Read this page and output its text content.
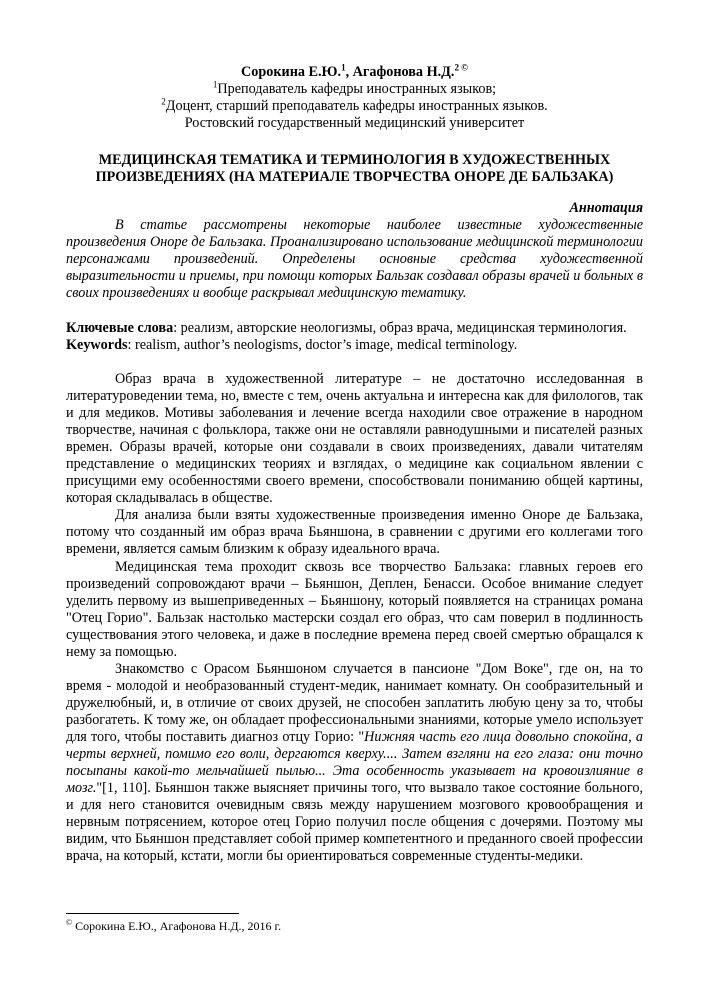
Сорокина Е.Ю.$^1$, Агафонова Н.Д.$^{2 ©}$
$^1$Преподаватель кафедры иностранных языков;
$^2$Доцент, старший преподаватель кафедры иностранных языков.
Ростовский государственный медицинский университет
МЕДИЦИНСКАЯ ТЕМАТИКА И ТЕРМИНОЛОГИЯ В ХУДОЖЕСТВЕННЫХ
ПРОИЗВЕДЕНИЯХ (НА МАТЕРИАЛЕ ТВОРЧЕСТВА ОНОРЕ ДЕ БАЛЬЗАКА)
Аннотация

В статье рассмотрены некоторые наиболее известные художественные произведения Оноре де Бальзака. Проанализировано использование медицинской терминологии персонажами произведений. Определены основные средства художественной выразительности и приемы, при помощи которых Бальзак создавал образы врачей и больных в своих произведениях и вообще раскрывал медицинскую тематику.

Ключевые слова: реализм, авторские неологизмы, образ врача, медицинская терминология.
Keywords: realism, author’s neologisms, doctor’s image, medical terminology.

Образ врача в художественной литературе – не достаточно исследованная в литературоведении тема, но, вместе с тем, очень актуальна и интересна как для филологов, так и для медиков. Мотивы заболевания и лечение всегда находили свое отражение в народном творчестве, начиная с фольклора, также они не оставляли равнодушными и писателей разных времен. Образы врачей, которые они создавали в своих произведениях, давали читателям представление о медицинских теориях и взглядах, о медицине как социальном явлении с присущими ему особенностями своего времени, способствовали пониманию общей картины, которая складывалась в обществе.

Для анализа были взяты художественные произведения именно Оноре де Бальзака, потому что созданный им образ врача Бьяншона, в сравнении с другими его коллегами того времени, является самым близким к образу идеального врача.

Медицинская тема проходит сквозь все творчество Бальзака: главных героев его произведений сопровождают врачи – Бьяншон, Деплен, Бенасси. Особое внимание следует уделить первому из вышеприведенных – Бьяншону, который появляется на страницах романа "Отец Горио". Бальзак настолько мастерски создал его образ, что сам поверил в подлинность существования этого человека, и даже в последние времена перед своей смертью обращался к нему за помощью.

Знакомство с Орасом Бьяншоном случается в пансионе "Дом Воке", где он, на то время - молодой и необразованный студент-медик, нанимает комнату. Он сообразительный и дружелюбный, и, в отличие от своих друзей, не способен заплатить любую цену за то, чтобы разбогатеть. К тому же, он обладает профессиональными знаниями, которые умело использует для того, чтобы поставить диагноз отцу Горио: "Нижняя часть его лица довольно спокойна, а черты верхней, помимо его воли, дергаются кверху.... Затем взгляни на его глаза: они точно посыпаны какой-то мельчайшей пылью... Эта особенность указывает на кровоизлияние в мозг."[1, 110]. Бьяншон также выясняет причины того, что вызвало такое состояние больного, и для него становится очевидным связь между нарушением мозгового кровообращения и нервным потрясением, которое отец Горио получил после общения с дочерями. Поэтому мы видим, что Бьяншон представляет собой пример компетентного и преданного своей профессии врача, на который, кстати, могли бы ориентироваться современные студенты-медики.

© Сорокина Е.Ю., Агафонова Н.Д., 2016 г.
